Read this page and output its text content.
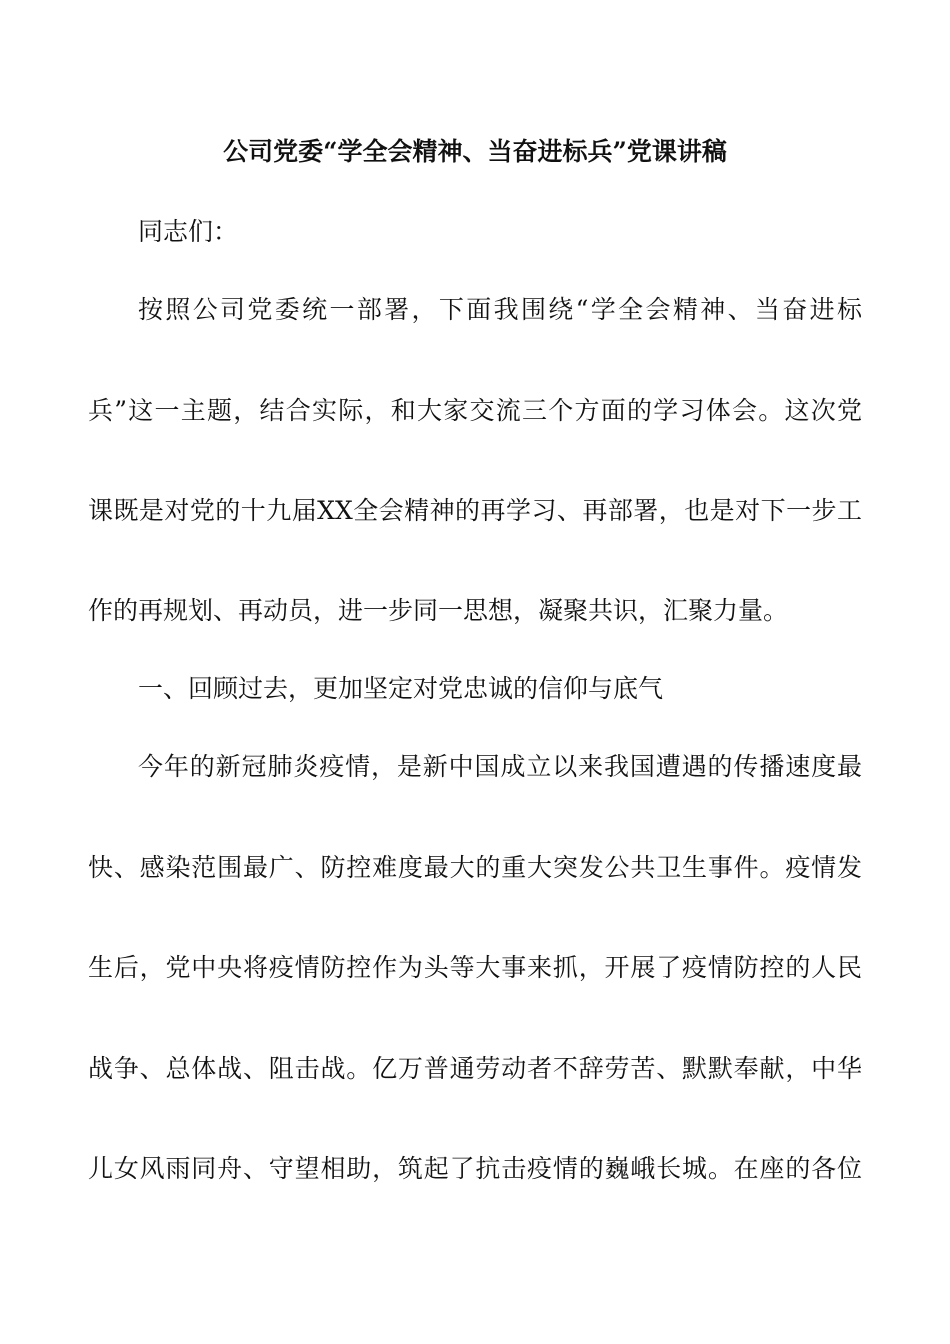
公司党委“学全会精神、当奋进标兵”党课讲稿
同志们：
按照公司党委统一部署，下面我围绕“学全会精神、当奋进标
兵”这一主题，结合实际，和大家交流三个方面的学习体会。这次党
课既是对党的十九届XX全会精神的再学习、再部署，也是对下一步工
作的再规划、再动员，进一步同一思想，凝聚共识，汇聚力量。
一、回顾过去，更加坚定对党忠诚的信仰与底气
今年的新冠肺炎疫情，是新中国成立以来我国遭遇的传播速度最
快、感染范围最广、防控难度最大的重大突发公共卫生事件。疫情发
生后，党中央将疫情防控作为头等大事来抓，开展了疫情防控的人民
战争、总体战、阻击战。亿万普通劳动者不辞劳苦、默默奉献，中华
儿女风雨同舟、守望相助，筑起了抗击疫情的巍峨长城。在座的各位
